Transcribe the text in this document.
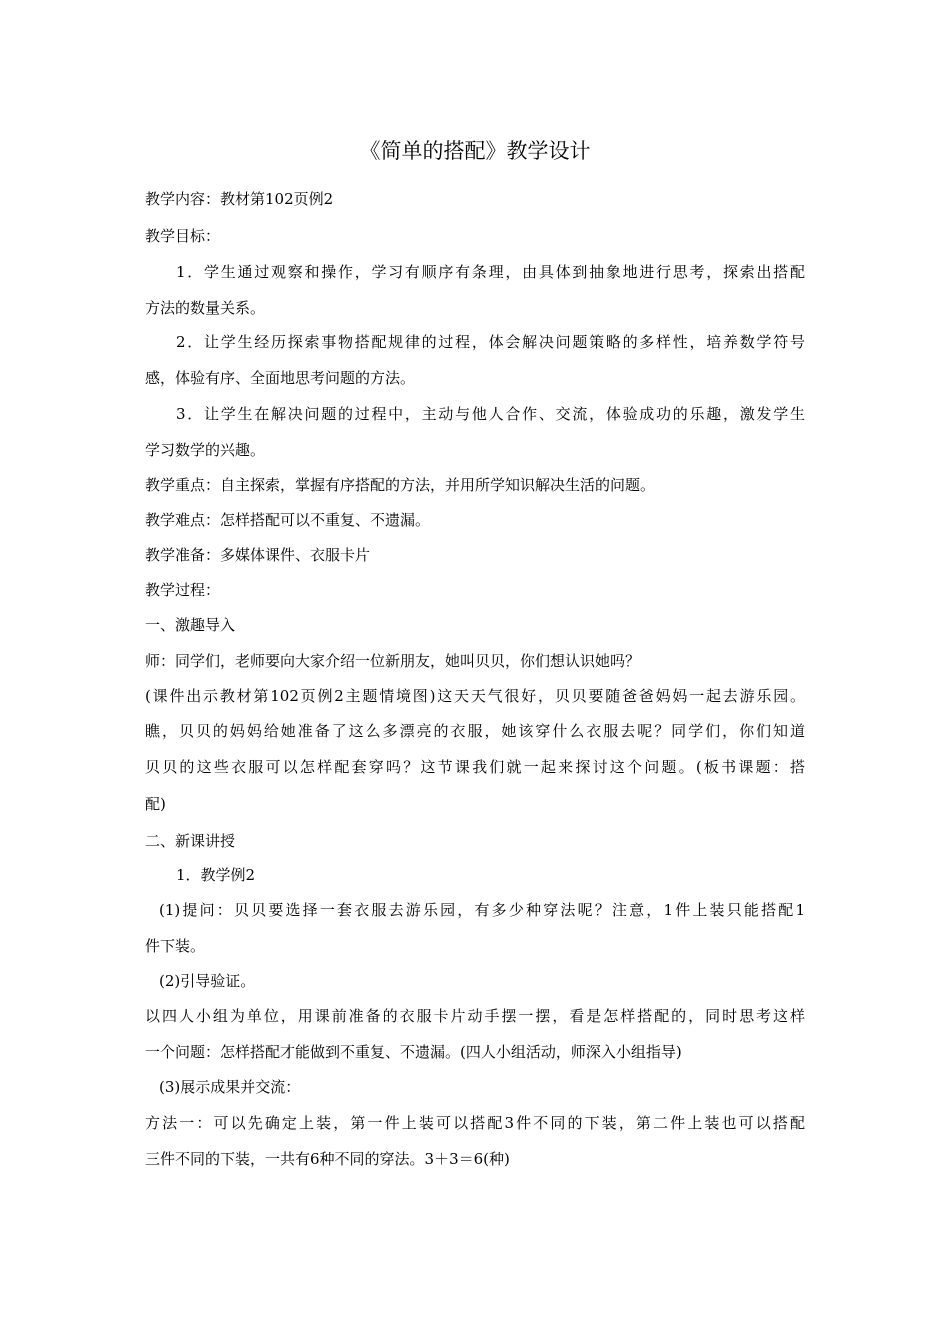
《简单的搭配》教学设计
教学内容：教材第102页例2
教学目标：
1．学生通过观察和操作，学习有顺序有条理，由具体到抽象地进行思考，探索出搭配
方法的数量关系。
2．让学生经历探索事物搭配规律的过程，体会解决问题策略的多样性，培养数学符号
感，体验有序、全面地思考问题的方法。
3．让学生在解决问题的过程中，主动与他人合作、交流，体验成功的乐趣，激发学生
学习数学的兴趣。
教学重点：自主探索，掌握有序搭配的方法，并用所学知识解决生活的问题。
教学难点：怎样搭配可以不重复、不遗漏。
教学准备：多媒体课件、衣服卡片
教学过程：
一、激趣导入
师：同学们，老师要向大家介绍一位新朋友，她叫贝贝，你们想认识她吗？
(课件出示教材第102页例2主题情境图)这天天气很好，贝贝要随爸爸妈妈一起去游乐园。
瞧，贝贝的妈妈给她准备了这么多漂亮的衣服，她该穿什么衣服去呢？同学们，你们知道
贝贝的这些衣服可以怎样配套穿吗？这节课我们就一起来探讨这个问题。(板书课题：搭
配)
二、新课讲授
1．教学例2
(1)提问：贝贝要选择一套衣服去游乐园，有多少种穿法呢？注意，1件上装只能搭配1
件下装。
(2)引导验证。
以四人小组为单位，用课前准备的衣服卡片动手摆一摆，看是怎样搭配的，同时思考这样
一个问题：怎样搭配才能做到不重复、不遗漏。(四人小组活动，师深入小组指导)
(3)展示成果并交流：
方法一：可以先确定上装，第一件上装可以搭配3件不同的下装，第二件上装也可以搭配
三件不同的下装，一共有6种不同的穿法。3＋3＝6(种)
